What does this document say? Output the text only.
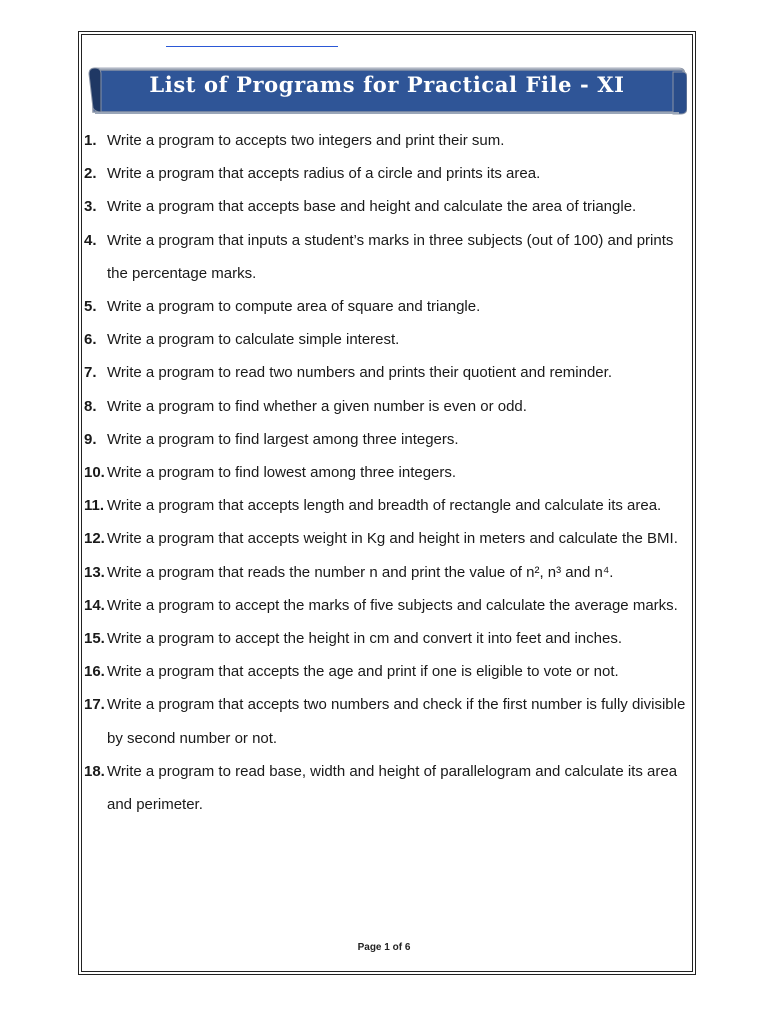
List of Programs for Practical File - XI
1. Write a program to accepts two integers and print their sum.
2. Write a program that accepts radius of a circle and prints its area.
3. Write a program that accepts base and height and calculate the area of triangle.
4. Write a program that inputs a student’s marks in three subjects (out of 100) and prints the percentage marks.
5. Write a program to compute area of square and triangle.
6. Write a program to calculate simple interest.
7. Write a program to read two numbers and prints their quotient and reminder.
8. Write a program to find whether a given number is even or odd.
9. Write a program to find largest among three integers.
10. Write a program to find lowest among three integers.
11. Write a program that accepts length and breadth of rectangle and calculate its area.
12. Write a program that accepts weight in Kg and height in meters and calculate the BMI.
13. Write a program that reads the number n and print the value of n², n³ and n⁴.
14. Write a program to accept the marks of five subjects and calculate the average marks.
15. Write a program to accept the height in cm and convert it into feet and inches.
16. Write a program that accepts the age and print if one is eligible to vote or not.
17. Write a program that accepts two numbers and check if the first number is fully divisible by second number or not.
18. Write a program to read base, width and height of parallelogram and calculate its area and perimeter.
Page 1 of 6
